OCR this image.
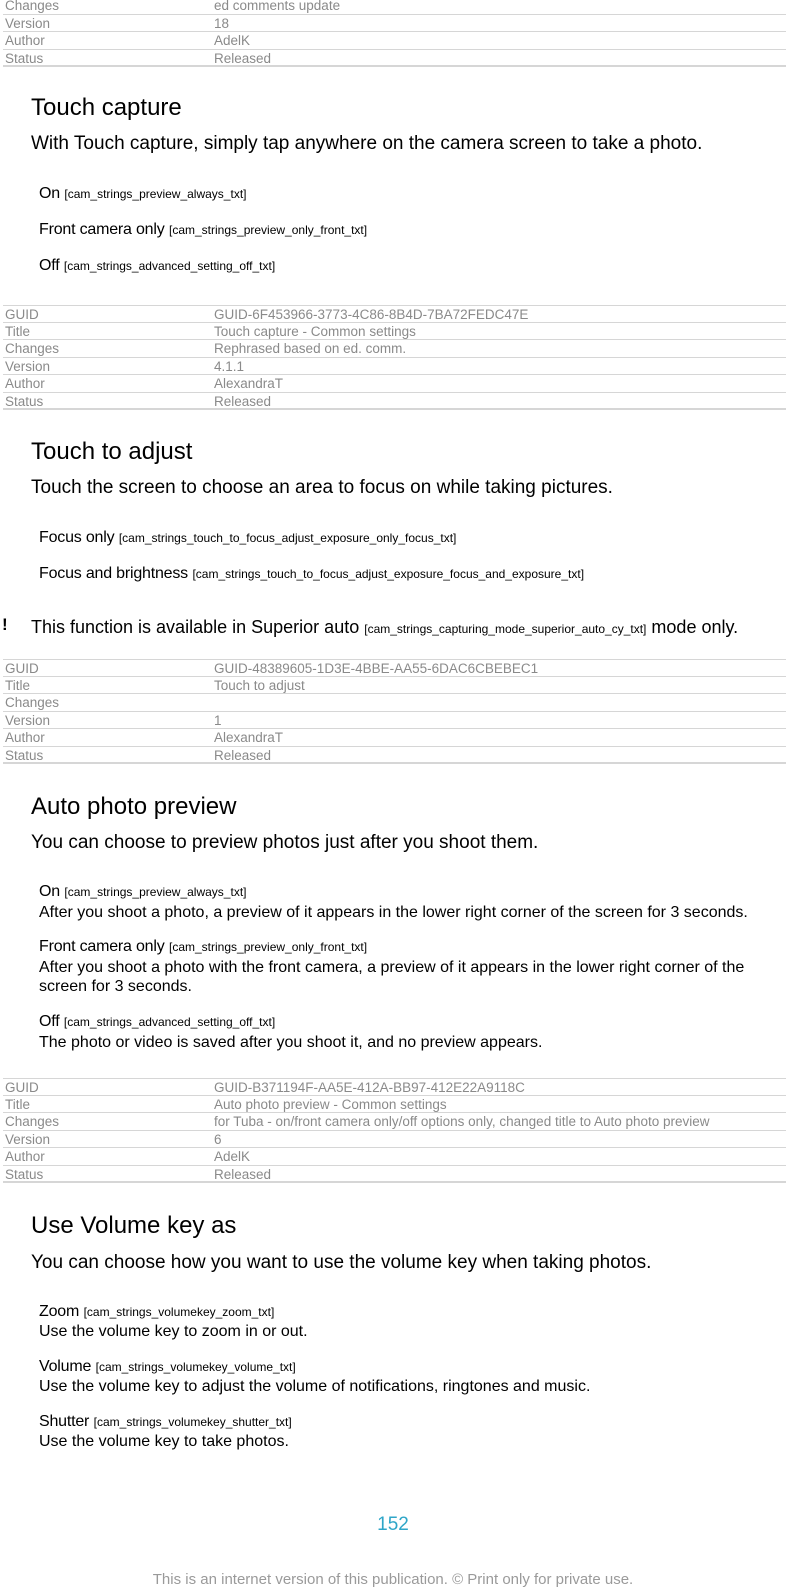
Changes	ed comments update
Version	18
Author	AdelK
Status	Released
Touch capture
With Touch capture, simply tap anywhere on the camera screen to take a photo.
On [cam_strings_preview_always_txt]
Front camera only [cam_strings_preview_only_front_txt]
Off [cam_strings_advanced_setting_off_txt]
GUID	GUID-6F453966-3773-4C86-8B4D-7BA72FEDC47E
Title	Touch capture - Common settings
Changes	Rephrased based on ed. comm.
Version	4.1.1
Author	AlexandraT
Status	Released
Touch to adjust
Touch the screen to choose an area to focus on while taking pictures.
Focus only [cam_strings_touch_to_focus_adjust_exposure_only_focus_txt]
Focus and brightness [cam_strings_touch_to_focus_adjust_exposure_focus_and_exposure_txt]
! This function is available in Superior auto [cam_strings_capturing_mode_superior_auto_cy_txt] mode only.
GUID	GUID-48389605-1D3E-4BBE-AA55-6DAC6CBEBEC1
Title	Touch to adjust
Changes
Version	1
Author	AlexandraT
Status	Released
Auto photo preview
You can choose to preview photos just after you shoot them.
On [cam_strings_preview_always_txt]
After you shoot a photo, a preview of it appears in the lower right corner of the screen for 3 seconds.
Front camera only [cam_strings_preview_only_front_txt]
After you shoot a photo with the front camera, a preview of it appears in the lower right corner of the screen for 3 seconds.
Off [cam_strings_advanced_setting_off_txt]
The photo or video is saved after you shoot it, and no preview appears.
GUID	GUID-B371194F-AA5E-412A-BB97-412E22A9118C
Title	Auto photo preview - Common settings
Changes	for Tuba - on/front camera only/off options only, changed title to Auto photo preview
Version	6
Author	AdelK
Status	Released
Use Volume key as
You can choose how you want to use the volume key when taking photos.
Zoom [cam_strings_volumekey_zoom_txt]
Use the volume key to zoom in or out.
Volume [cam_strings_volumekey_volume_txt]
Use the volume key to adjust the volume of notifications, ringtones and music.
Shutter [cam_strings_volumekey_shutter_txt]
Use the volume key to take photos.
152
This is an internet version of this publication. © Print only for private use.
